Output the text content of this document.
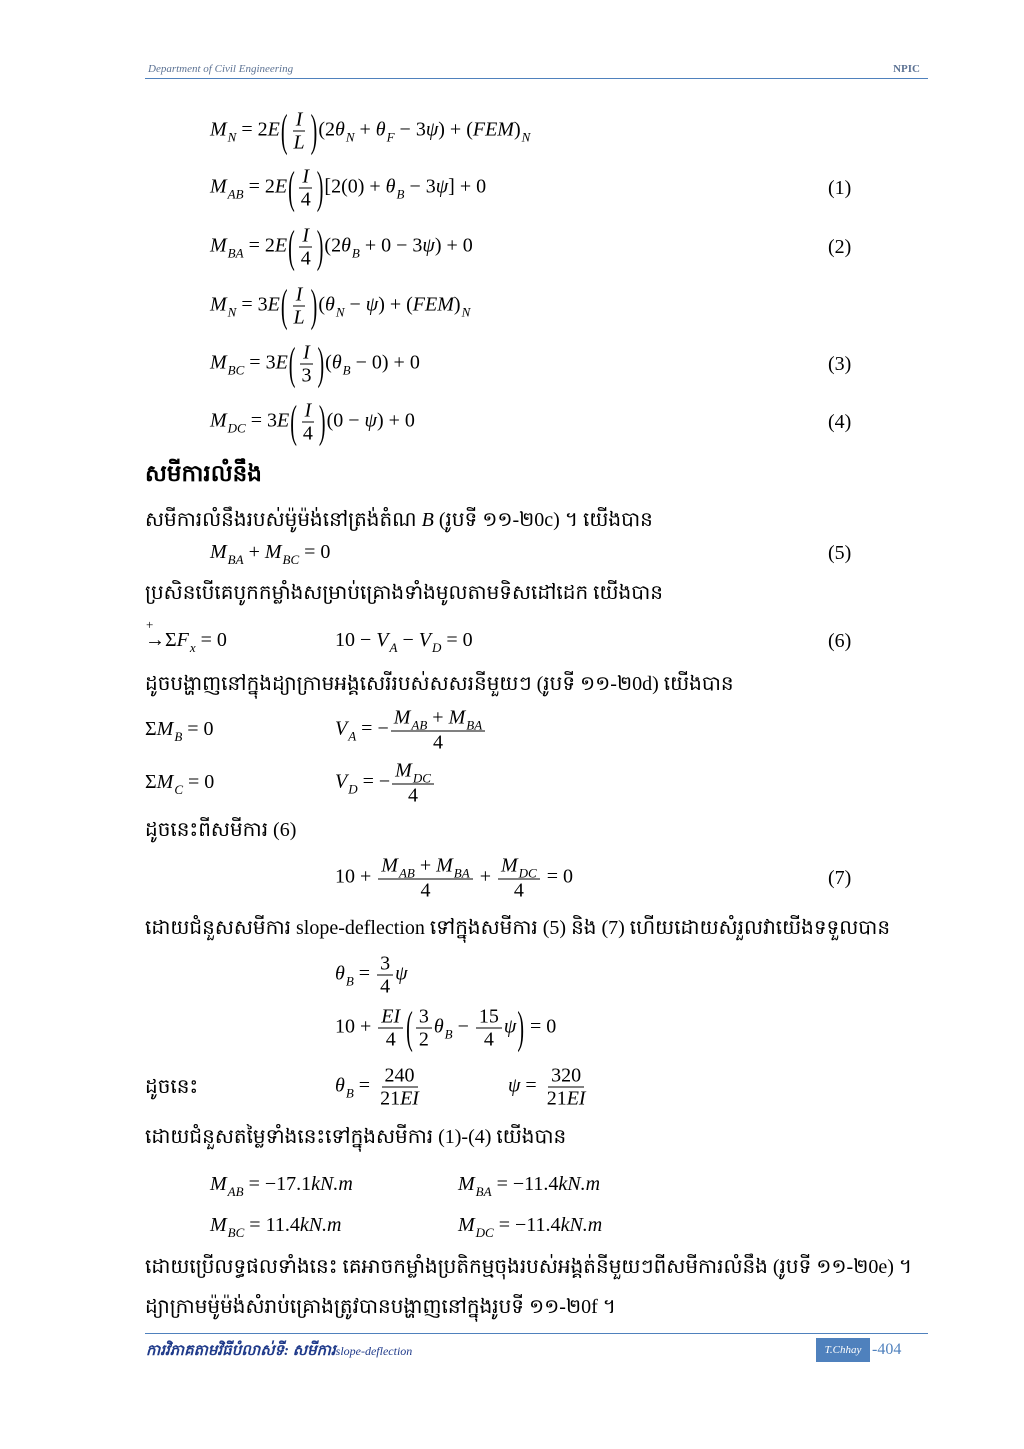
Department of Civil Engineering	NPIC
$M_N = 2E( \frac{I}{L} )(2\theta_N + \theta_F - 3\psi) + (FEM)_N$
$M_{AB} = 2E( \frac{I}{4} )[2(0) + \theta_B - 3\psi] + 0$	(1)
$M_{BA} = 2E( \frac{I}{4} )(2\theta_B + 0 - 3\psi) + 0$	(2)
$M_N = 3E( \frac{I}{L} )(\theta_N - \psi) + (FEM)_N$
$M_{BC} = 3E( \frac{I}{3} )(\theta_B - 0) + 0$	(3)
$M_{DC} = 3E( \frac{I}{4} )(0 - \psi) + 0$	(4)
សមីការលំនឹង
សមីការលំនឹងរបស់ម៉ូម៉ង់នៅត្រង់តំណ B (រូបទី ១១-២0c) ។ យើងបាន
$M_{BA} + M_{BC} = 0$	(5)
ប្រសិនបើគេបូកកម្លាំងសម្រាប់គ្រោងទាំងមូលតាមទិសដៅដេក យើងបាន
→
+
$\Sigma F_x = 0$	$10 - V_A - V_D = 0$	(6)
ដូចបង្ហាញនៅក្នុងដ្យាក្រាមអង្គសេរីរបស់សសរនីមួយៗ (រូបទី ១១-២0d) យើងបាន
$\Sigma M_B = 0$	$V_A$ = − $\frac{M_{AB} + M_{BA}}{4}$
$\Sigma M_C = 0$	$V_D$ = − $\frac{M_{DC}}{4}$
ដូចនេះពីសមីការ (6)
$10 + \frac{M_{AB} + M_{BA}}{4} + \frac{M_{DC}}{4} = 0$	(7)
ដោយជំនួសសមីការ slope-deflection ទៅក្នុងសមីការ (5) និង (7) ហើយដោយសំរួលវាយើងទទួលបាន
$\theta_B = \frac{3}{4}$ ψ
$10 + \frac{EI}{4}$ ( $\frac{3}{2} \theta_B - \frac{15}{4} \psi) = 0$
ដូចនេះ	$\theta_B = \frac{240}{21EI}$	$\psi = \frac{320}{21EI}$
ដោយជំនួសតម្លៃទាំងនេះទៅក្នុងសមីការ (1)-(4) យើងបាន
$M_{AB} = -17.1kN.m$	$M_{BA} = -11.4kN.m$
$M_{BC} = 11.4kN.m$	$M_{DC} = -11.4kN.m$
ដោយប្រើលទ្ធផលទាំងនេះ គេអាចកម្លាំងប្រតិកម្មចុងរបស់អង្គត់នីមួយៗពីសមីការលំនឹង (រូបទី ១១-២0e) ។
ដ្យាក្រាមម៉ូម៉ង់សំរាប់គ្រោងត្រូវបានបង្ហាញនៅក្នុងរូបទី ១១-២0f ។
ការវិភាគតាមវិធីបំលាស់ទី: សមីការslope-deflection	T.Chhay -404
